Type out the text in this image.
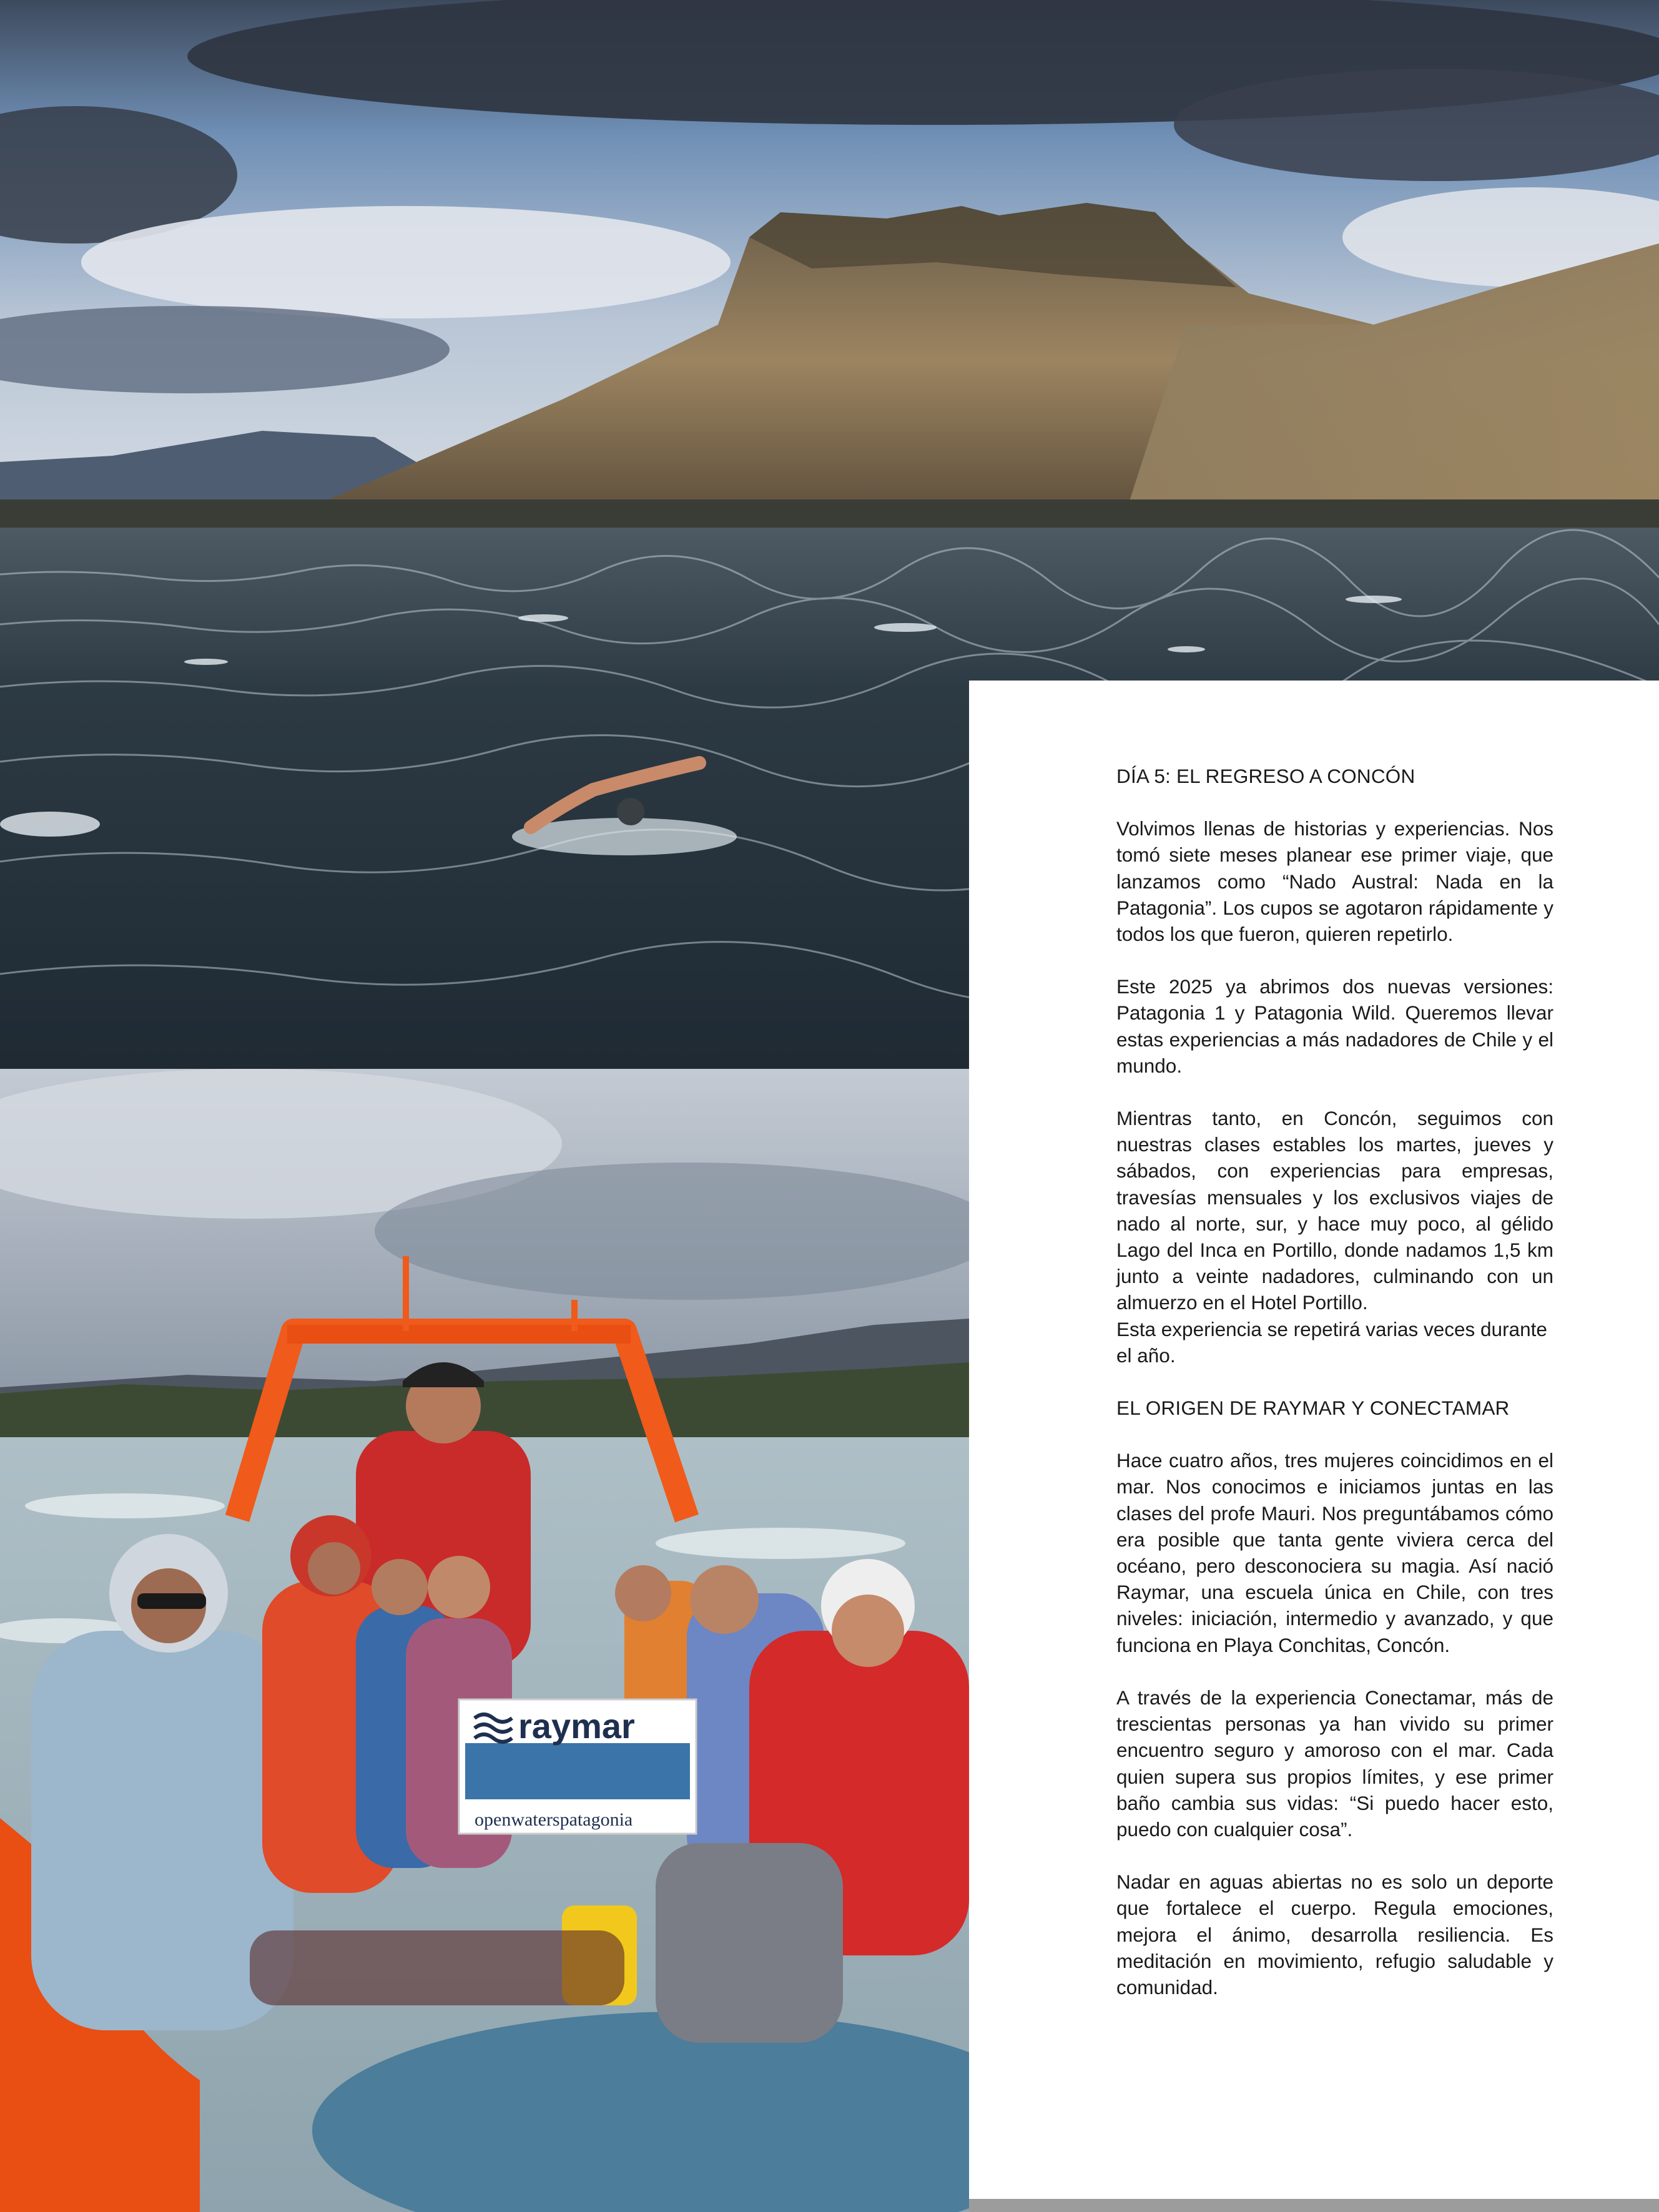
raymar
openwaterspatagonia
DÍA 5: EL REGRESO A CONCÓN

Volvimos llenas de historias y experiencias. Nos tomó siete meses planear ese primer viaje, que lanzamos como “Nado Austral: Nada en la Patagonia”. Los cupos se agotaron rápidamente y todos los que fueron, quieren repetirlo.

Este 2025 ya abrimos dos nuevas versiones: Patagonia 1 y Patagonia Wild. Queremos llevar estas experiencias a más nadadores de Chile y el mundo.

Mientras tanto, en Concón, seguimos con nuestras clases estables los martes, jueves y sábados, con experiencias para empresas, travesías mensuales y los exclusivos viajes de nado al norte, sur, y hace muy poco, al gélido Lago del Inca en Portillo, donde nadamos 1,5 km junto a veinte nadadores, culminando con un almuerzo en el Hotel Portillo.

Esta experiencia se repetirá varias veces durante el año.

EL ORIGEN DE RAYMAR Y CONECTAMAR

Hace cuatro años, tres mujeres coincidimos en el mar. Nos conocimos e iniciamos juntas en las clases del profe Mauri. Nos preguntábamos cómo era posible que tanta gente viviera cerca del océano, pero desconociera su magia. Así nació Raymar, una escuela única en Chile, con tres niveles: iniciación, intermedio y avanzado, y que funciona en Playa Conchitas, Concón.

A través de la experiencia Conectamar, más de trescientas personas ya han vivido su primer encuentro seguro y amoroso con el mar. Cada quien supera sus propios límites, y ese primer baño cambia sus vidas: “Si puedo hacer esto, puedo con cualquier cosa”.

Nadar en aguas abiertas no es solo un deporte que fortalece el cuerpo. Regula emociones, mejora el ánimo, desarrolla resiliencia. Es meditación en movimiento, refugio saludable y comunidad.
